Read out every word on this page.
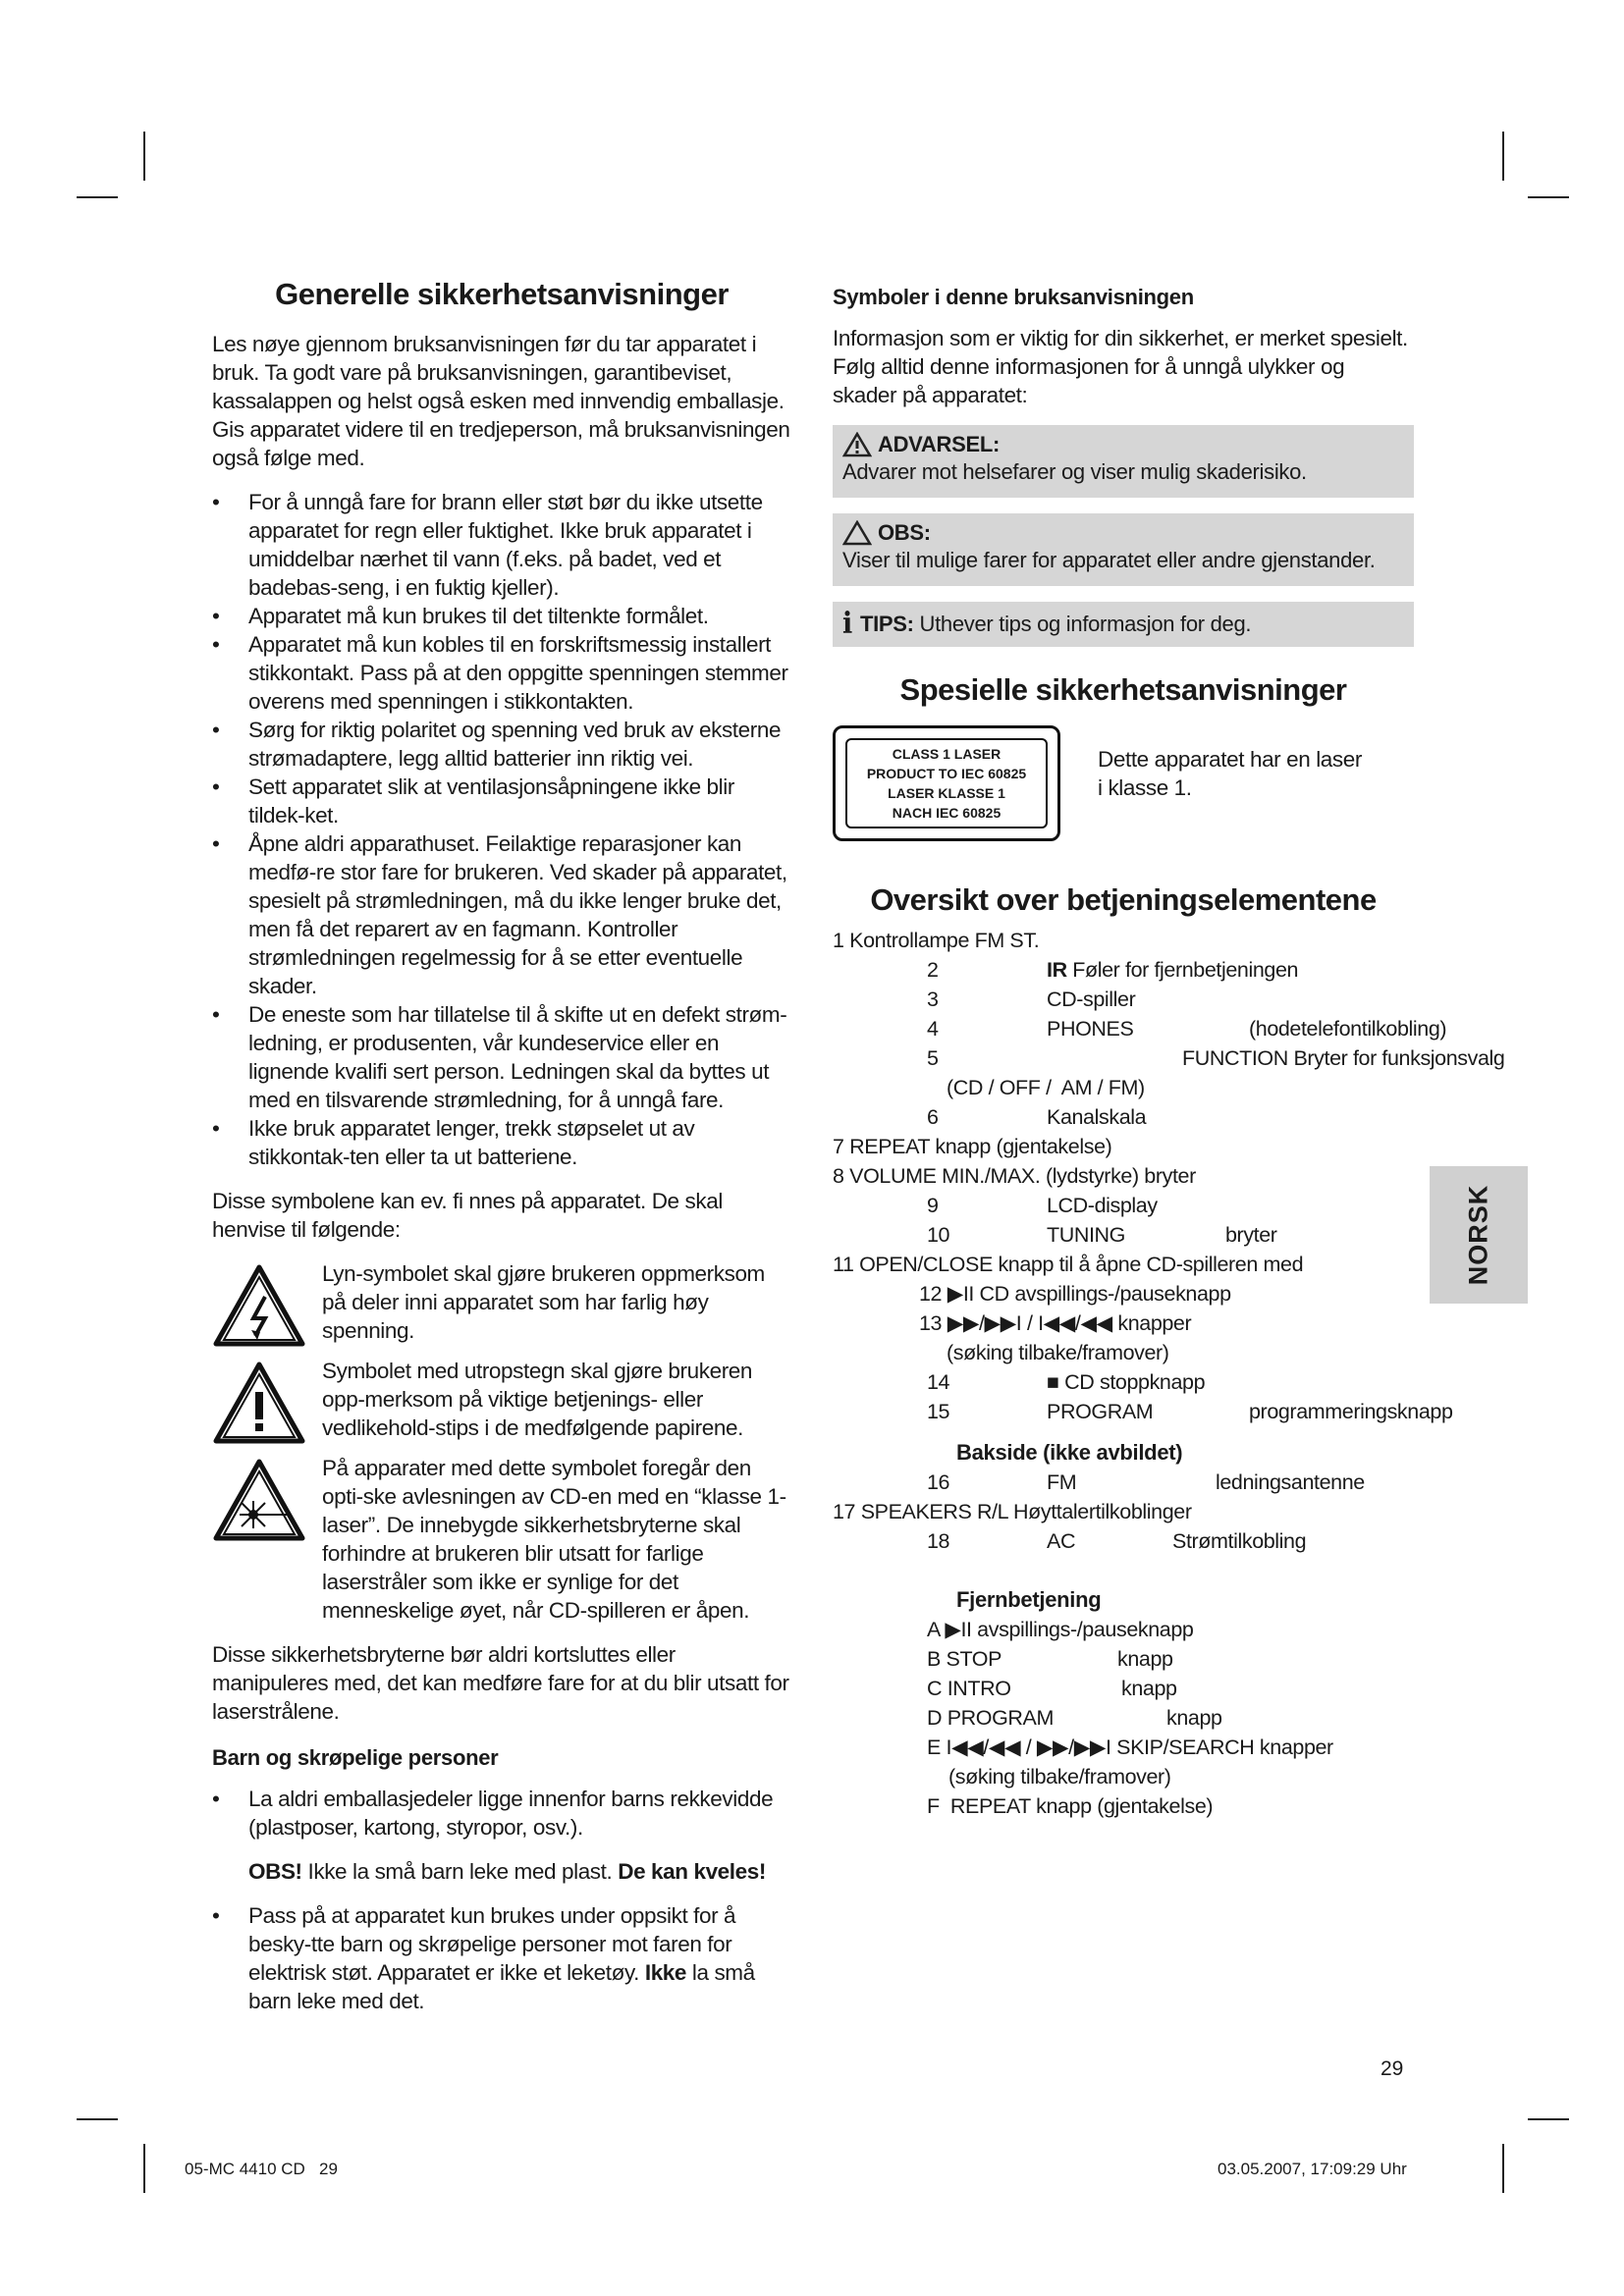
Generelle sikkerhetsanvisninger

Les nøye gjennom bruksanvisningen før du tar apparatet i bruk. Ta godt vare på bruksanvisningen, garantibeviset, kassalappen og helst også esken med innvendig emballasje. Gis apparatet videre til en tredjeperson, må bruksanvisningen også følge med.

• For å unngå fare for brann eller støt bør du ikke utsette apparatet for regn eller fuktighet. Ikke bruk apparatet i umiddelbar nærhet til vann (f.eks. på badet, ved et badebas-seng, i en fuktig kjeller).
• Apparatet må kun brukes til det tiltenkte formålet.
• Apparatet må kun kobles til en forskriftsmessig installert stikkontakt. Pass på at den oppgitte spenningen stemmer overens med spenningen i stikkontakten.
• Sørg for riktig polaritet og spenning ved bruk av eksterne strømadaptere, legg alltid batterier inn riktig vei.
• Sett apparatet slik at ventilasjonsåpningene ikke blir tildek-ket.
• Åpne aldri apparathuset. Feilaktige reparasjoner kan medfø-re stor fare for brukeren. Ved skader på apparatet, spesielt på strømledningen, må du ikke lenger bruke det, men få det reparert av en fagmann. Kontroller strømledningen regelmessig for å se etter eventuelle skader.
• De eneste som har tillatelse til å skifte ut en defekt strøm-ledning, er produsenten, vår kundeservice eller en lignende kvalifi sert person. Ledningen skal da byttes ut med en tilsvarende strømledning, for å unngå fare.
• Ikke bruk apparatet lenger, trekk støpselet ut av stikkontak-ten eller ta ut batteriene.

Disse symbolene kan ev. fi nnes på apparatet. De skal henvise til følgende:

Lyn-symbolet skal gjøre brukeren oppmerksom på deler inni apparatet som har farlig høy spenning.
Symbolet med utropstegn skal gjøre brukeren opp-merksom på viktige betjenings- eller vedlikehold-stips i de medfølgende papirene.
På apparater med dette symbolet foregår den opti-ske avlesningen av CD-en med en “klasse 1-laser”. De innebygde sikkerhetsbryterne skal forhindre at brukeren blir utsatt for farlige laserstråler som ikke er synlige for det menneskelige øyet, når CD-spilleren er åpen.

Disse sikkerhetsbryterne bør aldri kortsluttes eller manipuleres med, det kan medføre fare for at du blir utsatt for laserstrålene.

Barn og skrøpelige personer
• La aldri emballasjedeler ligge innenfor barns rekkevidde (plastposer, kartong, styropor, osv.).
OBS! Ikke la små barn leke med plast. De kan kveles!
• Pass på at apparatet kun brukes under oppsikt for å besky-tte barn og skrøpelige personer mot faren for elektrisk støt. Apparatet er ikke et leketøy. Ikke la små barn leke med det.
Symboler i denne bruksanvisningen

Informasjon som er viktig for din sikkerhet, er merket spesielt. Følg alltid denne informasjonen for å unngå ulykker og skader på apparatet:

ADVARSEL:
Advarer mot helsefarer og viser mulig skaderisiko.
OBS:
Viser til mulige farer for apparatet eller andre gjenstander.
i TIPS: Uthever tips og informasjon for deg.
Spesielle sikkerhetsanvisninger
CLASS 1 LASER
PRODUCT TO IEC 60825
LASER KLASSE 1
NACH IEC 60825
Dette apparatet har en laser i klasse 1.
Oversikt over betjeningselementene
1 Kontrollampe FM ST.
2	IR Føler for fjernbetjeningen
3	CD-spiller
4	PHONES	(hodetelefontilkobling)
5	FUNCTION Bryter for funksjonsvalg
(CD / OFF /  AM / FM)
6	Kanalskala
7 REPEAT knapp (gjentakelse)
8 VOLUME MIN./MAX. (lydstyrke) bryter
9	LCD-display
10	TUNING	bryter
11 OPEN/CLOSE knapp til å åpne CD-spilleren med
12 ▶II CD avspillings-/pauseknapp
13 ▶▶/▶▶I / I◀◀/◀◀ knapper
(søking tilbake/framover)
14	■ CD stoppknapp
15	PROGRAM	programmeringsknapp
Bakside (ikke avbildet)
16	FM	ledningsantenne
17 SPEAKERS R/L Høyttalertilkoblinger
18	AC	Strømtilkobling
Fjernbetjening
A ▶II avspillings-/pauseknapp
B STOP	knapp
C INTRO	knapp
D PROGRAM	knapp
E I◀◀/◀◀ / ▶▶/▶▶I SKIP/SEARCH knapper
(søking tilbake/framover)
F  REPEAT knapp (gjentakelse)
NORSK
29
05-MC 4410 CD   29	03.05.2007, 17:09:29 Uhr
